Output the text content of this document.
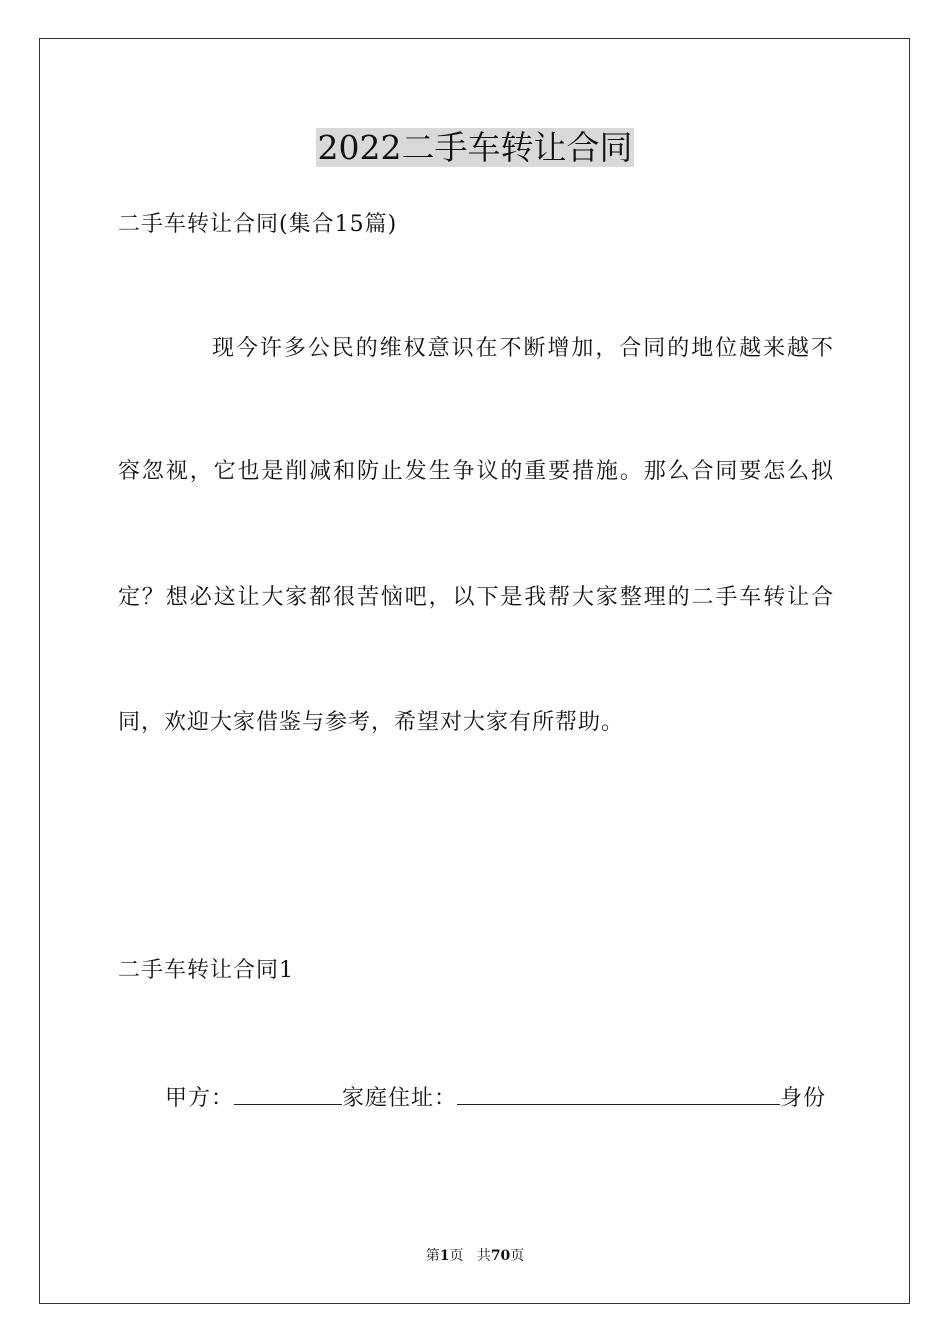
2022二手车转让合同
二手车转让合同(集合15篇)
现今许多公民的维权意识在不断增加，合同的地位越来越不
容忽视，它也是削减和防止发生争议的重要措施。那么合同要怎么拟
定？想必这让大家都很苦恼吧，以下是我帮大家整理的二手车转让合
同，欢迎大家借鉴与参考，希望对大家有所帮助。
二手车转让合同1
甲方：	家庭住址：	身份
第1页 共70页
